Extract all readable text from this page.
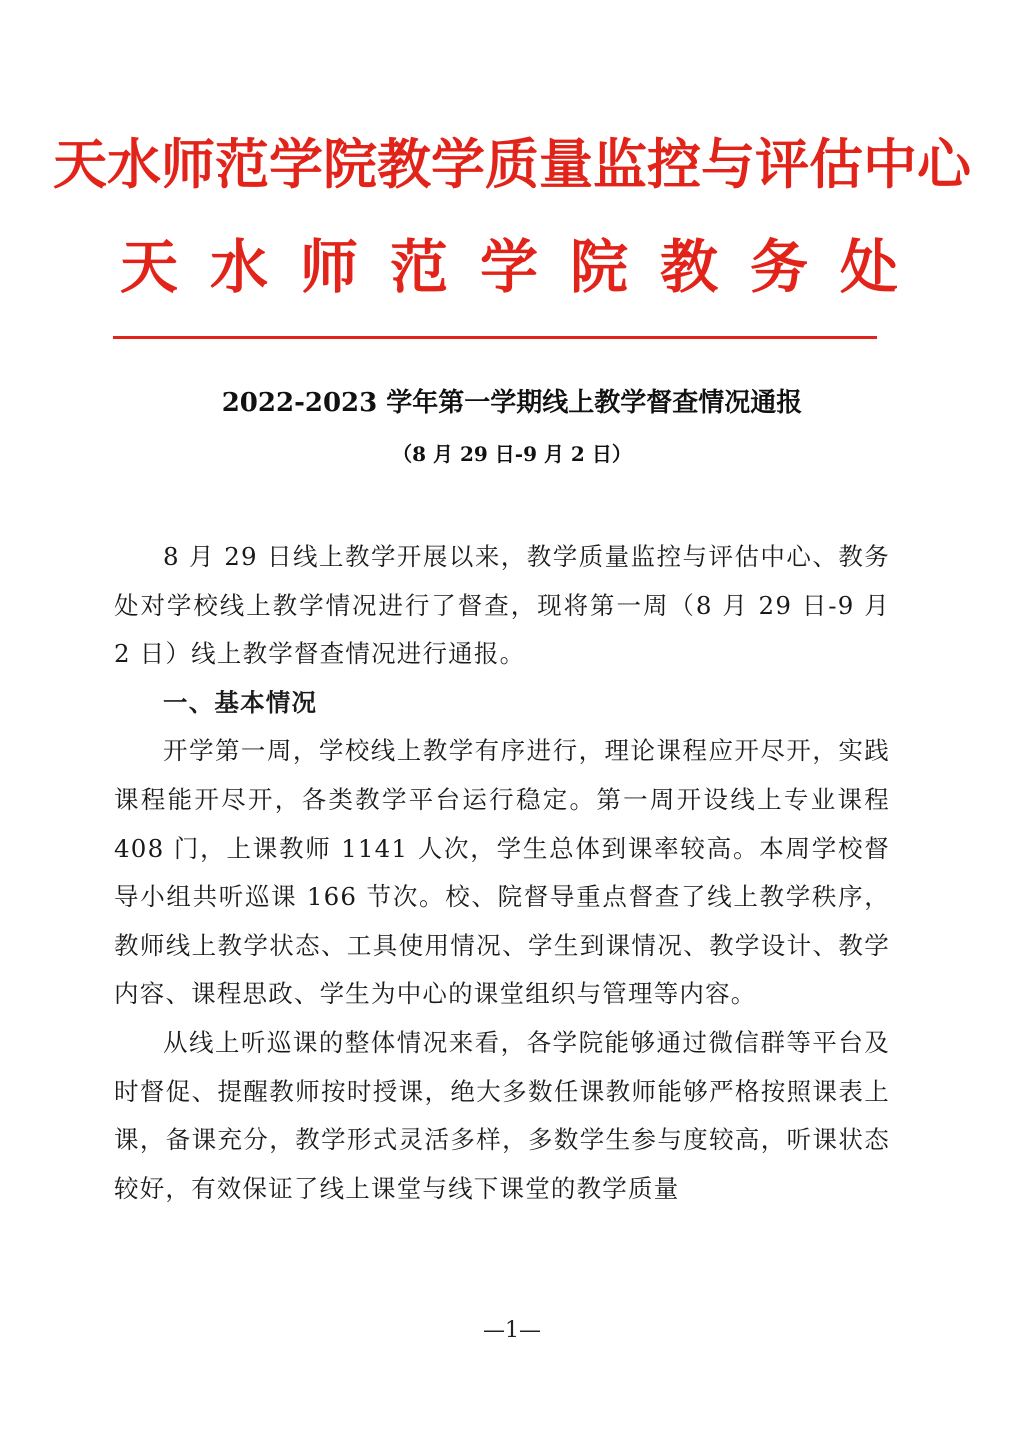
天水师范学院教学质量监控与评估中心
天水师范学院教务处
2022-2023 学年第一学期线上教学督查情况通报
（8 月 29 日-9 月 2 日）

8 月 29 日线上教学开展以来，教学质量监控与评估中心、教务处对学校线上教学情况进行了督查，现将第一周（8 月 29 日-9 月 2 日）线上教学督查情况进行通报。

一、基本情况

开学第一周，学校线上教学有序进行，理论课程应开尽开，实践课程能开尽开，各类教学平台运行稳定。第一周开设线上专业课程 408 门，上课教师 1141 人次，学生总体到课率较高。本周学校督导小组共听巡课 166 节次。校、院督导重点督查了线上教学秩序，教师线上教学状态、工具使用情况、学生到课情况、教学设计、教学内容、课程思政、学生为中心的课堂组织与管理等内容。

从线上听巡课的整体情况来看，各学院能够通过微信群等平台及时督促、提醒教师按时授课，绝大多数任课教师能够严格按照课表上课，备课充分，教学形式灵活多样，多数学生参与度较高，听课状态较好，有效保证了线上课堂与线下课堂的教学质量

—1—
